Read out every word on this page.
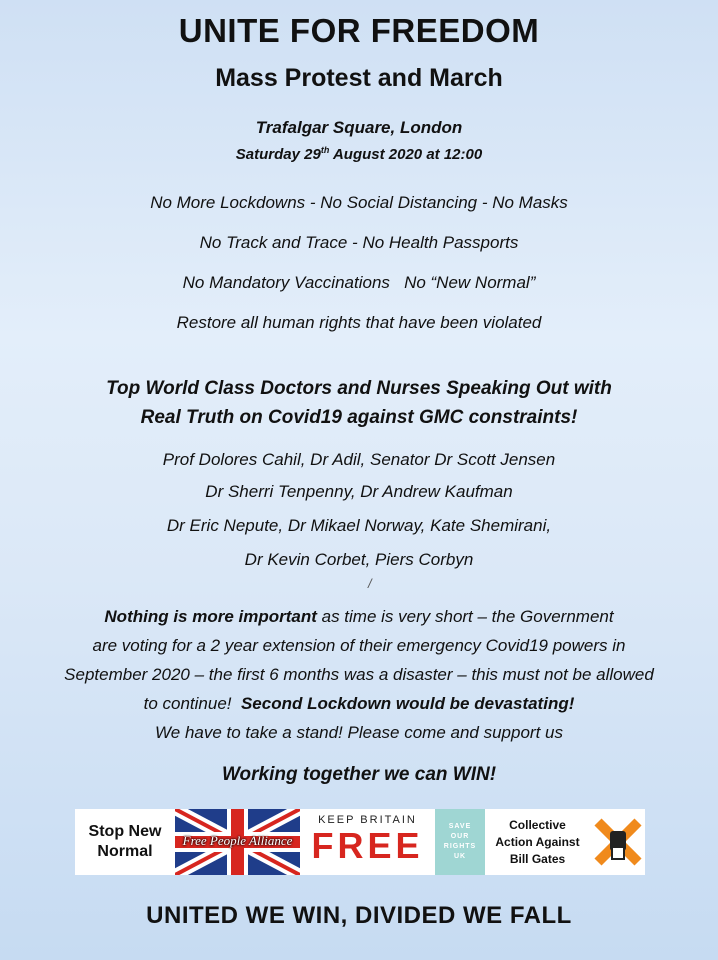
UNITE FOR FREEDOM
Mass Protest and March
Trafalgar Square, London
Saturday 29th August 2020 at 12:00
No More Lockdowns - No Social Distancing - No Masks
No Track and Trace - No Health Passports
No Mandatory Vaccinations   No “New Normal”
Restore all human rights that have been violated
Top World Class Doctors and Nurses Speaking Out with
Real Truth on Covid19 against GMC constraints!
Prof Dolores Cahil, Dr Adil, Senator Dr Scott Jensen
Dr Sherri Tenpenny, Dr Andrew Kaufman
Dr Eric Nepute, Dr Mikael Norway, Kate Shemirani,
Dr Kevin Corbet, Piers Corbyn
/
Nothing is more important as time is very short – the Government
are voting for a 2 year extension of their emergency Covid19 powers in
September 2020 – the first 6 months was a disaster – this must not be allowed
to continue!  Second Lockdown would be devastating!
We have to take a stand! Please come and support us
Working together we can WIN!
Stop New
Normal
Free People Alliance
KEEP BRITAIN
FREE	SAVE
OUR
RIGHTS
UK
Collective
Action Against
Bill Gates
UNITED WE WIN, DIVIDED WE FALL
